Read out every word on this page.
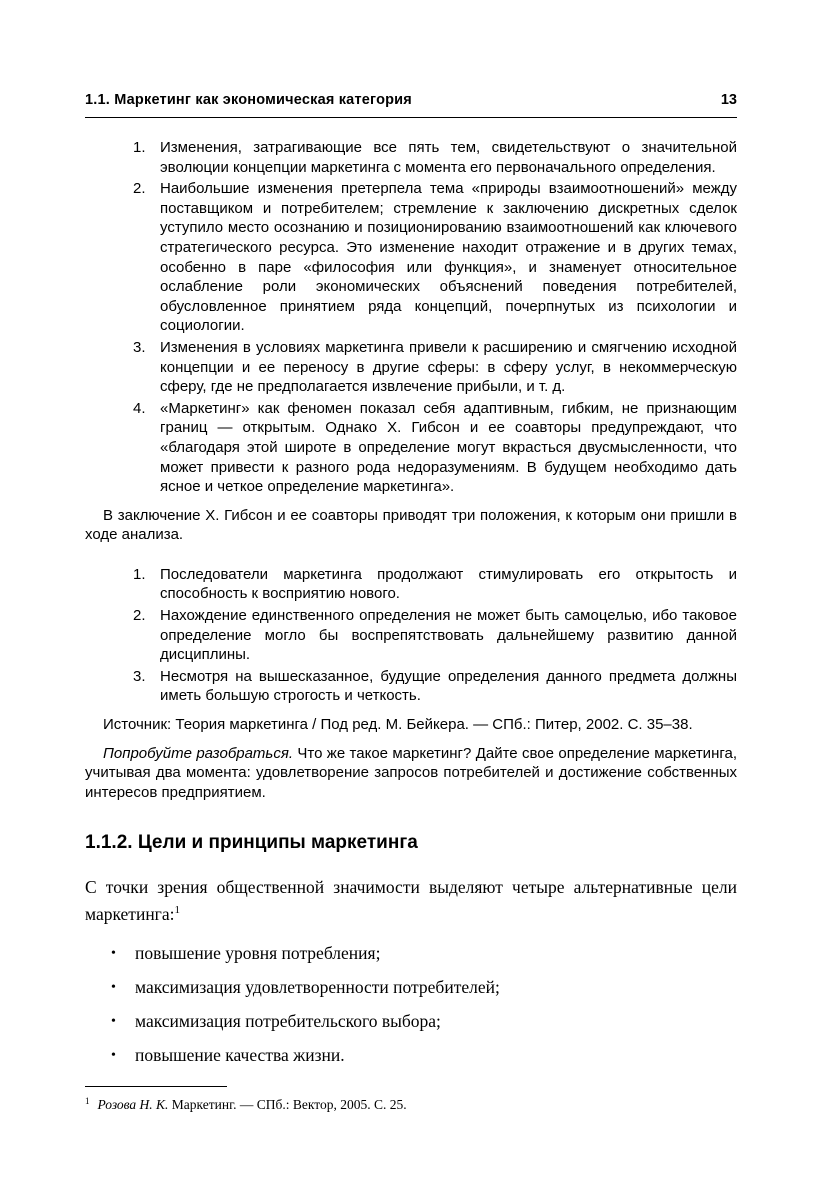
1.1. Маркетинг как экономическая категория	13
1. Изменения, затрагивающие все пять тем, свидетельствуют о значительной эволюции концепции маркетинга с момента его первоначального определения.
2. Наибольшие изменения претерпела тема «природы взаимоотношений» между поставщиком и потребителем; стремление к заключению дискретных сделок уступило место осознанию и позиционированию взаимоотношений как ключевого стратегического ресурса. Это изменение находит отражение и в других темах, особенно в паре «философия или функция», и знаменует относительное ослабление роли экономических объяснений поведения потребителей, обусловленное принятием ряда концепций, почерпнутых из психологии и социологии.
3. Изменения в условиях маркетинга привели к расширению и смягчению исходной концепции и ее переносу в другие сферы: в сферу услуг, в некоммерческую сферу, где не предполагается извлечение прибыли, и т. д.
4. «Маркетинг» как феномен показал себя адаптивным, гибким, не признающим границ — открытым. Однако Х. Гибсон и ее соавторы предупреждают, что «благодаря этой широте в определение могут вкрасться двусмысленности, что может привести к разного рода недоразумениям. В будущем необходимо дать ясное и четкое определение маркетинга».

В заключение Х. Гибсон и ее соавторы приводят три положения, к которым они пришли в ходе анализа.

1. Последователи маркетинга продолжают стимулировать его открытость и способность к восприятию нового.
2. Нахождение единственного определения не может быть самоцелью, ибо таковое определение могло бы воспрепятствовать дальнейшему развитию данной дисциплины.
3. Несмотря на вышесказанное, будущие определения данного предмета должны иметь большую строгость и четкость.

Источник: Теория маркетинга / Под ред. М. Бейкера. — СПб.: Питер, 2002. С. 35–38.

Попробуйте разобраться. Что же такое маркетинг? Дайте свое определение маркетинга, учитывая два момента: удовлетворение запросов потребителей и достижение собственных интересов предприятием.

1.1.2. Цели и принципы маркетинга

С точки зрения общественной значимости выделяют четыре альтернативные цели маркетинга:$^1$

•	повышение уровня потребления;
•	максимизация удовлетворенности потребителей;
•	максимизация потребительского выбора;
•	повышение качества жизни.

$^1$ Розова Н. К. Маркетинг. — СПб.: Вектор, 2005. С. 25.
